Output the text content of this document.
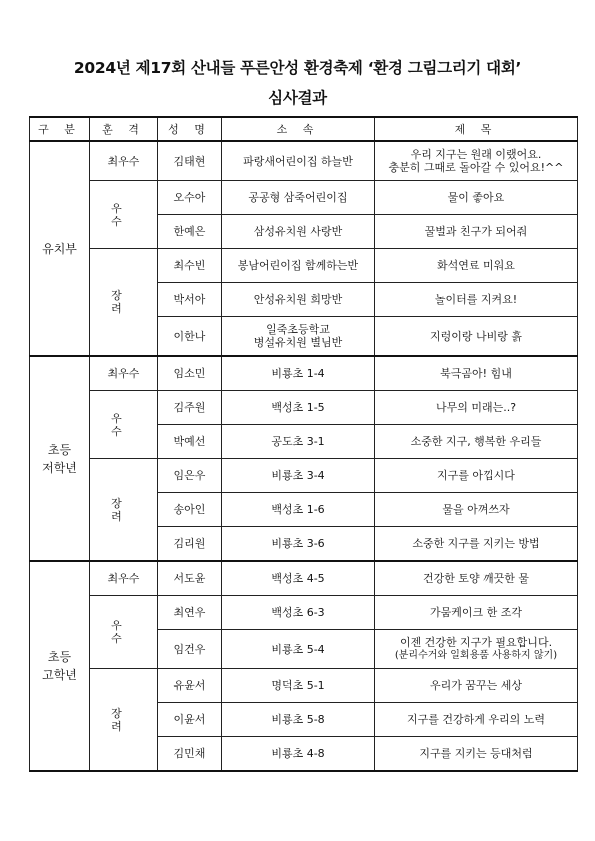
2024년 제17회 산내들 푸른안성 환경축제 ‘환경 그림그리기 대회’
심사결과
구 분	훈 격	성 명	소 속	제 목

유치부	최우수	김태현	파랑새어린이집 하늘반	우리 지구는 원래 이랬어요.
충분히 그때로 돌아갈 수 있어요!^^

	우 수	오수아	공공형 삼죽어린이집	물이 좋아요

		한예은	삼성유치원 사랑반	꿀벌과 친구가 되어줘

	장 려	최수빈	봉남어린이집 함께하는반	화석연료 미워요

		박서아	안성유치원 희망반	놀이터를 지켜요!

		이한나	일죽초등학교
병설유치원 별님반	지렁이랑 나비랑 흙

초등
저학년	최우수	임소민	비룡초 1-4	북극곰아! 힘내

	우 수	김주원	백성초 1-5	나무의 미래는..?

		박예선	공도초 3-1	소중한 지구, 행복한 우리들

	장 려	임은우	비룡초 3-4	지구를 아낍시다

		송아인	백성초 1-6	물을 아껴쓰자

		김리원	비룡초 3-6	소중한 지구를 지키는 방법

초등
고학년	최우수	서도윤	백성초 4-5	건강한 토양 깨끗한 물

	우 수	최연우	백성초 6-3	가뭄케이크 한 조각

		임건우	비룡초 5-4	이젠 건강한 지구가 필요합니다.
(분리수거와 일회용품 사용하지 않기)

	장 려	유윤서	명덕초 5-1	우리가 꿈꾸는 세상

		이윤서	비룡초 5-8	지구를 건강하게 우리의 노력

		김민채	비룡초 4-8	지구를 지키는 등대처럼
